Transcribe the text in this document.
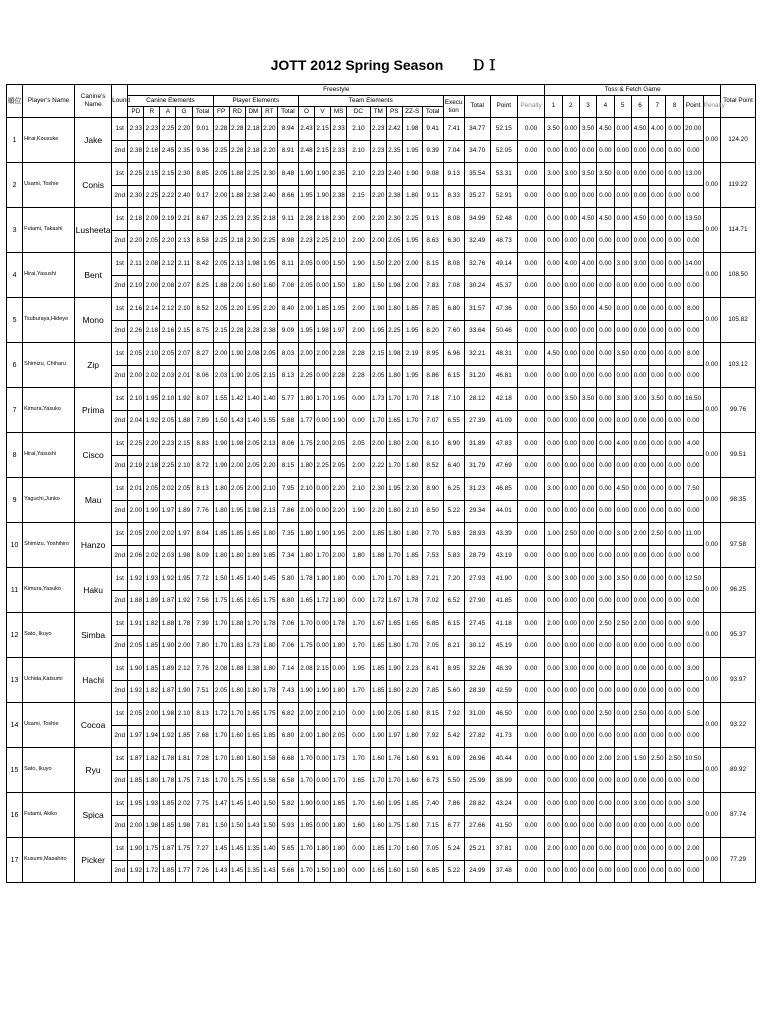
JOTT 2012 Spring Season　　ＤⅠ
順位	Player's Name	Canine's Name	Lound	Freestyle																						Toss & Fetch Game										Total Point
				Canine Elements					Player Elements					Team Elements								Execu tion	Total	Point	Penalty	1	2	3	4	5	6	7	8	Point	Penalty	
				PD	R	A	G	Total	FP	RD	DM	RT	Total	O	V	MS	DC	TM	PS	ZZ-S	Total															
1	Hirai,Kousuke	Jake	1st	2.33	2.23	2.25	2.20	9.01	2.28	2.28	2.18	2.20	8.94	2.43	2.15	2.33	2.10	2.23	2.42	1.98	9.41	7.41	34.77	52.15	0.00	3.50	0.00	3.50	4.50	0.00	4.50	4.00	0.00	20.00	0.00	124.20
			2nd	2.38	2.18	2.45	2.35	9.36	2.25	2.28	2.18	2.20	8.91	2.48	2.15	2.33	2.10	2.23	2.35	1.95	9.39	7.04	34.70	52.05	0.00	0.00	0.00	0.00	0.00	0.00	0.00	0.00	0.00	0.00		
2	Usami, Toshie	Conis	1st	2.25	2.15	2.15	2.30	8.85	2.05	1.88	2.25	2.30	8.48	1.90	1.90	2.35	2.10	2.23	2.40	1.90	9.08	9.13	35.54	53.31	0.00	3.00	3.00	3.50	3.50	0.00	0.00	0.00	0.00	13.00	0.00	119.22
			2nd	2.30	2.25	2.22	2.40	9.17	2.00	1.88	2.38	2.40	8.66	1.95	1.90	2.38	2.15	2.20	2.38	1.80	9.11	8.33	35.27	52.91	0.00	0.00	0.00	0.00	0.00	0.00	0.00	0.00	0.00	0.00		
3	Futami, Takashi	Lusheeta	1st	2.18	2.09	2.19	2.21	8.67	2.35	2.23	2.35	2.18	9.11	2.28	2.18	2.30	2.00	2.20	2.30	2.25	9.13	8.08	34.99	52.48	0.00	0.00	0.00	4.50	4.50	0.00	4.50	0.00	0.00	13.50	0.00	114.71
			2nd	2.20	2.05	2.20	2.13	8.58	2.25	2.18	2.30	2.25	8.98	2.23	2.25	2.10	2.00	2.00	2.05	1.95	8.63	6.30	32.49	48.73	0.00	0.00	0.00	0.00	0.00	0.00	0.00	0.00	0.00	0.00		
4	Hirai,Yasushi	Bent	1st	2.11	2.08	2.12	2.11	8.42	2.05	2.13	1.98	1.95	8.11	2.05	0.00	1.50	1.90	1.50	2.20	2.00	8.15	8.08	32.76	49.14	0.00	0.00	4.00	4.00	0.00	3.00	3.00	0.00	0.00	14.00	0.00	108.50
			2nd	2.10	2.00	2.08	2.07	8.25	1.88	2.00	1.60	1.60	7.08	2.05	0.00	1.50	1.80	1.50	1.98	2.00	7.83	7.08	30.24	45.37	0.00	0.00	0.00	0.00	0.00	0.00	0.00	0.00	0.00	0.00		
5	Tsuburaya,Hideyo	Mono	1st	2.16	2.14	2.12	2.10	8.52	2.05	2.20	1.95	2.20	8.40	2.00	1.85	1.95	2.00	1.90	1.80	1.85	7.85	6.80	31.57	47.36	0.00	0.00	3.50	0.00	4.50	0.00	0.00	0.00	0.00	8.00	0.00	105.82
			2nd	2.26	2.18	2.16	2.15	8.75	2.15	2.28	2.28	2.38	9.09	1.95	1.98	1.97	2.00	1.95	2.25	1.95	8.20	7.60	33.64	50.46	0.00	0.00	0.00	0.00	0.00	0.00	0.00	0.00	0.00	0.00		
6	Shimizu, Chiharu	Zip	1st	2.05	2.10	2.05	2.07	8.27	2.00	1.90	2.08	2.05	8.03	2.00	2.00	2.28	2.28	2.15	1.98	2.19	8.95	6.96	32.21	48.31	0.00	4.50	0.00	0.00	0.00	3.50	0.00	0.00	0.00	8.00	0.00	103.12
			2nd	2.00	2.02	2.03	2.01	8.06	2.03	1.90	2.05	2.15	8.13	2.25	0.00	2.28	2.28	2.05	1.80	1.95	8.86	6.15	31.20	46.81	0.00	0.00	0.00	0.00	0.00	0.00	0.00	0.00	0.00	0.00		
7	Kimura,Yasuko	Prima	1st	2.10	1.95	2.10	1.92	8.07	1.55	1.42	1.40	1.40	5.77	1.80	1.70	1.95	0.00	1.73	1.70	1.70	7.18	7.10	28.12	42.18	0.00	0.00	3.50	3.50	0.00	3.00	3.00	3.50	0.00	16.50	0.00	99.76
			2nd	2.04	1.92	2.05	1.88	7.89	1.50	1.43	1.40	1.55	5.88	1.77	0.00	1.90	0.00	1.70	1.65	1.70	7.07	6.55	27.39	41.09	0.00	0.00	0.00	0.00	0.00	0.00	0.00	0.00	0.00	0.00		
8	Hirai,Yasushi	Cisco	1st	2.25	2.20	2.23	2.15	8.83	1.90	1.98	2.05	2.13	8.06	1.75	2.00	2.05	2.05	2.00	1.80	2.00	8.10	6.90	31.89	47.83	0.00	0.00	0.00	0.00	0.00	4.00	0.00	0.00	0.00	4.00	0.00	99.51
			2nd	2.19	2.18	2.25	2.10	8.72	1.90	2.00	2.05	2.20	8.15	1.80	2.25	2.05	2.00	2.22	1.70	1.80	8.52	6.40	31.79	47.69	0.00	0.00	0.00	0.00	0.00	0.00	0.00	0.00	0.00	0.00		
9	Yaguchi,Junko	Mau	1st	2.01	2.05	2.02	2.05	8.13	1.80	2.05	2.00	2.10	7.95	2.10	0.00	2.20	2.10	2.30	1.95	2.30	8.90	6.25	31.23	46.85	0.00	3.00	0.00	0.00	0.00	4.50	0.00	0.00	0.00	7.50	0.00	98.35
			2nd	2.00	1.90	1.97	1.89	7.76	1.80	1.95	1.98	2.13	7.86	2.00	0.00	2.20	1.90	2.20	1.80	2.10	8.50	5.22	29.34	44.01	0.00	0.00	0.00	0.00	0.00	0.00	0.00	0.00	0.00	0.00		
10	Shimizu, Yoshihiro	Hanzo	1st	2.05	2.00	2.02	1.97	8.04	1.85	1.85	1.65	1.80	7.35	1.80	1.90	1.95	2.00	1.85	1.80	1.80	7.70	5.83	28.93	43.39	0.00	1.00	2.50	0.00	0.00	3.00	2.00	2.50	0.00	11.00	0.00	97.58
			2nd	2.06	2.02	2.03	1.98	8.09	1.80	1.80	1.89	1.85	7.34	1.80	1.70	2.00	1.80	1.88	1.70	1.85	7.53	5.83	28.79	43.19	0.00	0.00	0.00	0.00	0.00	0.00	0.00	0.00	0.00	0.00		
11	Kimura,Yasuko	Haku	1st	1.92	1.93	1.92	1.95	7.72	1.50	1.45	1.40	1.45	5.80	1.78	1.80	1.80	0.00	1.70	1.70	1.83	7.21	7.20	27.93	41.90	0.00	3.00	3.00	0.00	3.00	3.50	0.00	0.00	0.00	12.50	0.00	96.25
			2nd	1.88	1.89	1.87	1.92	7.56	1.75	1.65	1.65	1.75	6.80	1.65	1.72	1.80	0.00	1.72	1.67	1.78	7.02	6.52	27.90	41.85	0.00	0.00	0.00	0.00	0.00	0.00	0.00	0.00	0.00	0.00		
12	Sato, Ikuyo	Simba	1st	1.91	1.82	1.88	1.78	7.39	1.70	1.88	1.70	1.78	7.06	1.70	0.00	1.78	1.70	1.67	1.65	1.65	6.85	6.15	27.45	41.18	0.00	2.00	0.00	0.00	2.50	2.50	2.00	0.00	0.00	9.00	0.00	95.37
			2nd	2.05	1.85	1.90	2.00	7.80	1.70	1.83	1.73	1.80	7.06	1.75	0.00	1.80	1.70	1.65	1.80	1.70	7.05	8.21	30.12	45.19	0.00	0.00	0.00	0.00	0.00	0.00	0.00	0.00	0.00	0.00		
13	Uchida,Katsumi	Hachi	1st	1.90	1.85	1.89	2.12	7.76	2.08	1.88	1.38	1.80	7.14	2.08	2.15	0.00	1.95	1.85	1.90	2.23	8.41	8.95	32.26	48.39	0.00	0.00	3.00	0.00	0.00	0.00	0.00	0.00	0.00	3.00	0.00	93.97
			2nd	1.92	1.82	1.87	1.90	7.51	2.05	1.80	1.80	1.78	7.43	1.90	1.90	1.80	1.70	1.85	1.80	2.20	7.85	5.60	28.39	42.59	0.00	0.00	0.00	0.00	0.00	0.00	0.00	0.00	0.00	0.00		
14	Usami, Toshie	Cocoa	1st	2.05	2.00	1.98	2.10	8.13	1.72	1.70	1.65	1.75	6.82	2.00	2.00	2.10	0.00	1.90	2.05	1.80	8.15	7.92	31.00	46.50	0.00	0.00	0.00	0.00	2.50	0.00	2.50	0.00	0.00	5.00	0.00	93.22
			2nd	1.97	1.94	1.92	1.85	7.68	1.70	1.60	1.65	1.85	6.80	2.00	1.80	2.05	0.00	1.90	1.97	1.80	7.92	5.42	27.82	41.73	0.00	0.00	0.00	0.00	0.00	0.00	0.00	0.00	0.00	0.00		
15	Sato, Ikuyo	Ryu	1st	1.87	1.82	1.78	1.81	7.28	1.70	1.80	1.60	1.58	6.68	1.70	0.00	1.73	1.70	1.60	1.76	1.60	6.91	6.09	26.96	40.44	0.00	0.00	0.00	0.00	2.00	2.00	1.50	2.50	2.50	10.50	0.00	89.92
			2nd	1.85	1.80	1.78	1.75	7.18	1.70	1.75	1.55	1.58	6.58	1.70	0.00	1.70	1.65	1.70	1.70	1.60	6.73	5.50	25.99	38.99	0.00	0.00	0.00	0.00	0.00	0.00	0.00	0.00	0.00	0.00		
16	Futami, Akiko	Spica	1st	1.95	1.93	1.85	2.02	7.75	1.47	1.45	1.40	1.50	5.82	1.90	0.00	1.65	1.70	1.60	1.95	1.85	7.40	7.86	28.82	43.24	0.00	0.00	0.00	0.00	0.00	0.00	3.00	0.00	0.00	3.00	0.00	87.74
			2nd	2.00	1.98	1.85	1.98	7.81	1.50	1.50	1.43	1.50	5.93	1.85	0.00	1.80	1.60	1.60	1.75	1.80	7.15	6.77	27.66	41.50	0.00	0.00	0.00	0.00	0.00	0.00	0.00	0.00	0.00	0.00		
17	Kusumi,Masahiro	Picker	1st	1.90	1.75	1.87	1.75	7.27	1.45	1.45	1.35	1.40	5.65	1.70	1.80	1.80	0.00	1.85	1.70	1.60	7.05	5.24	25.21	37.81	0.00	2.00	0.00	0.00	0.00	0.00	0.00	0.00	0.00	2.00	0.00	77.29
			2nd	1.92	1.72	1.85	1.77	7.26	1.43	1.45	1.35	1.43	5.66	1.70	1.50	1.80	0.00	1.65	1.60	1.50	6.85	5.22	24.99	37.48	0.00	0.00	0.00	0.00	0.00	0.00	0.00	0.00	0.00	0.00		
